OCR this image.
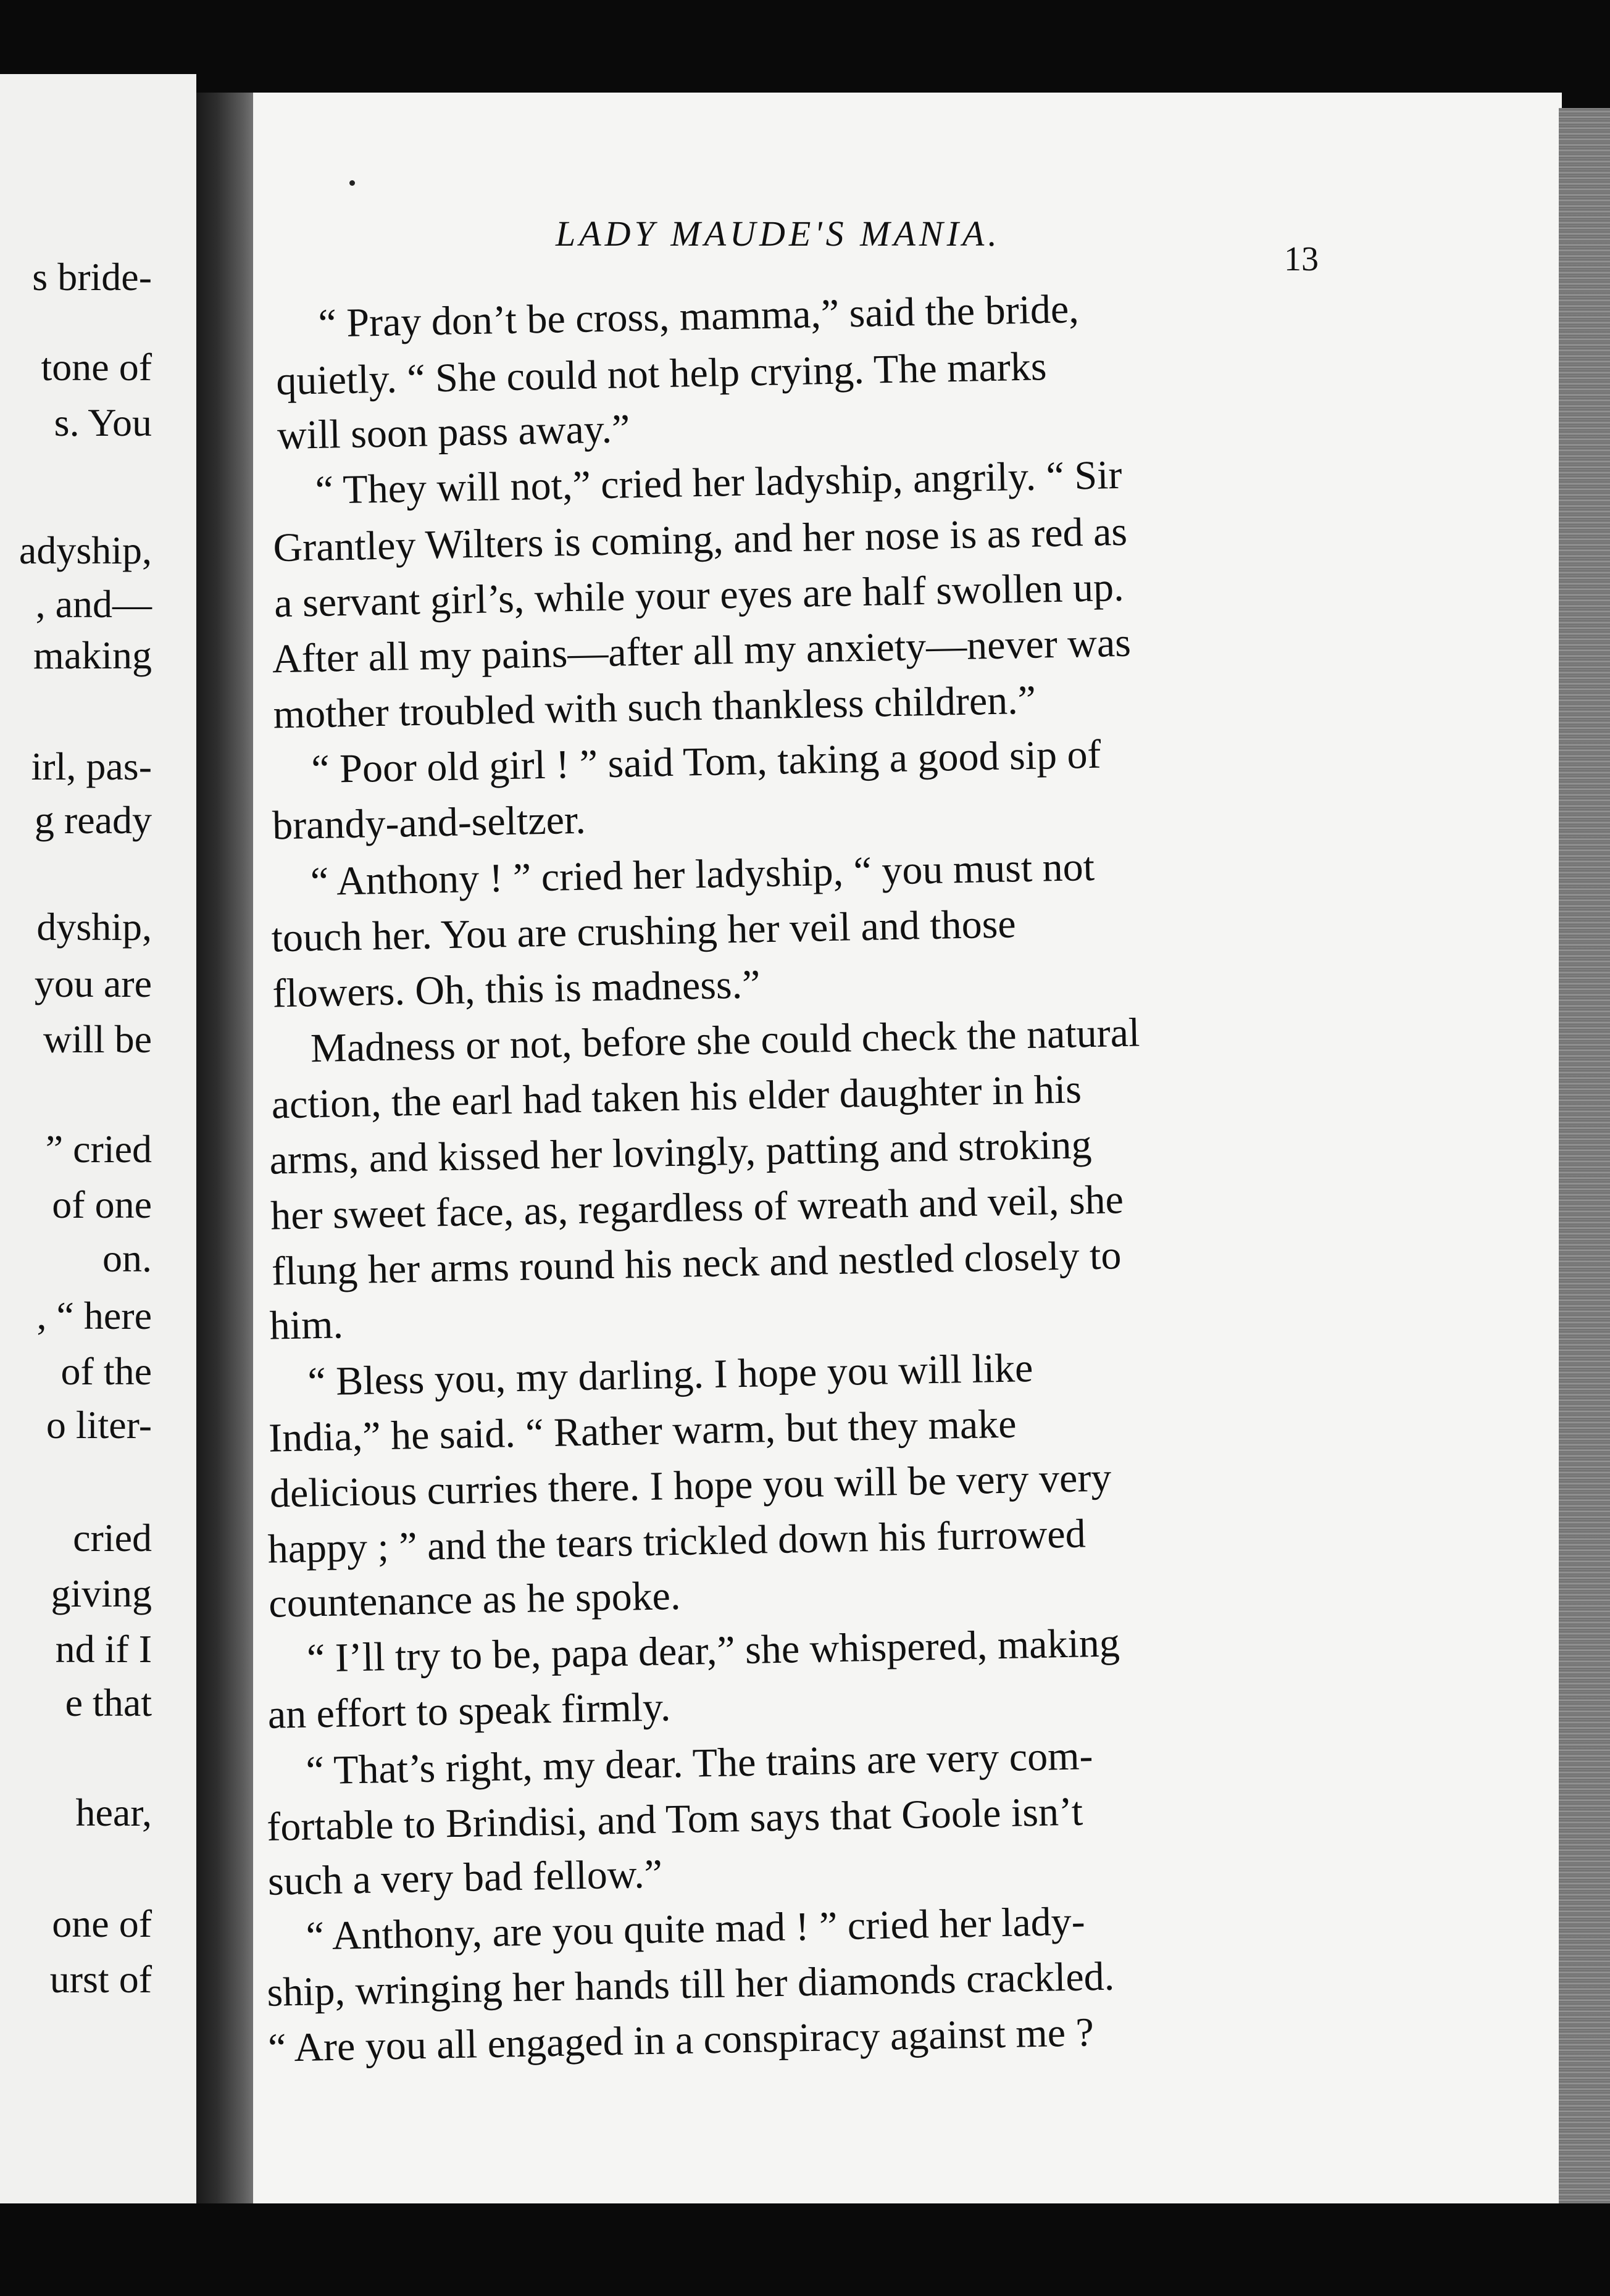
s bride-
tone of
s. You
adyship,
, and—
making
irl, pas-
g ready
dyship,
you are
will be
” cried
of one
on.
, “ here
of the
o liter-
cried
giving
nd if I
e that
hear,
one of
urst of
LADY MAUDE'S MANIA.
13
“ Pray don’t be cross, mamma,” said the bride,
quietly. “ She could not help crying. The marks
will soon pass away.”
“ They will not,” cried her ladyship, angrily. “ Sir
Grantley Wilters is coming, and her nose is as red as
a servant girl’s, while your eyes are half swollen up.
After all my pains—after all my anxiety—never was
mother troubled with such thankless children.”
“ Poor old girl ! ” said Tom, taking a good sip of
brandy-and-seltzer.
“ Anthony ! ” cried her ladyship, “ you must not
touch her. You are crushing her veil and those
flowers. Oh, this is madness.”
Madness or not, before she could check the natural
action, the earl had taken his elder daughter in his
arms, and kissed her lovingly, patting and stroking
her sweet face, as, regardless of wreath and veil, she
flung her arms round his neck and nestled closely to
him.
“ Bless you, my darling. I hope you will like
India,” he said. “ Rather warm, but they make
delicious curries there. I hope you will be very very
happy ; ” and the tears trickled down his furrowed
countenance as he spoke.
“ I’ll try to be, papa dear,” she whispered, making
an effort to speak firmly.
“ That’s right, my dear. The trains are very com-
fortable to Brindisi, and Tom says that Goole isn’t
such a very bad fellow.”
“ Anthony, are you quite mad ! ” cried her lady-
ship, wringing her hands till her diamonds crackled.
“ Are you all engaged in a conspiracy against me ?
